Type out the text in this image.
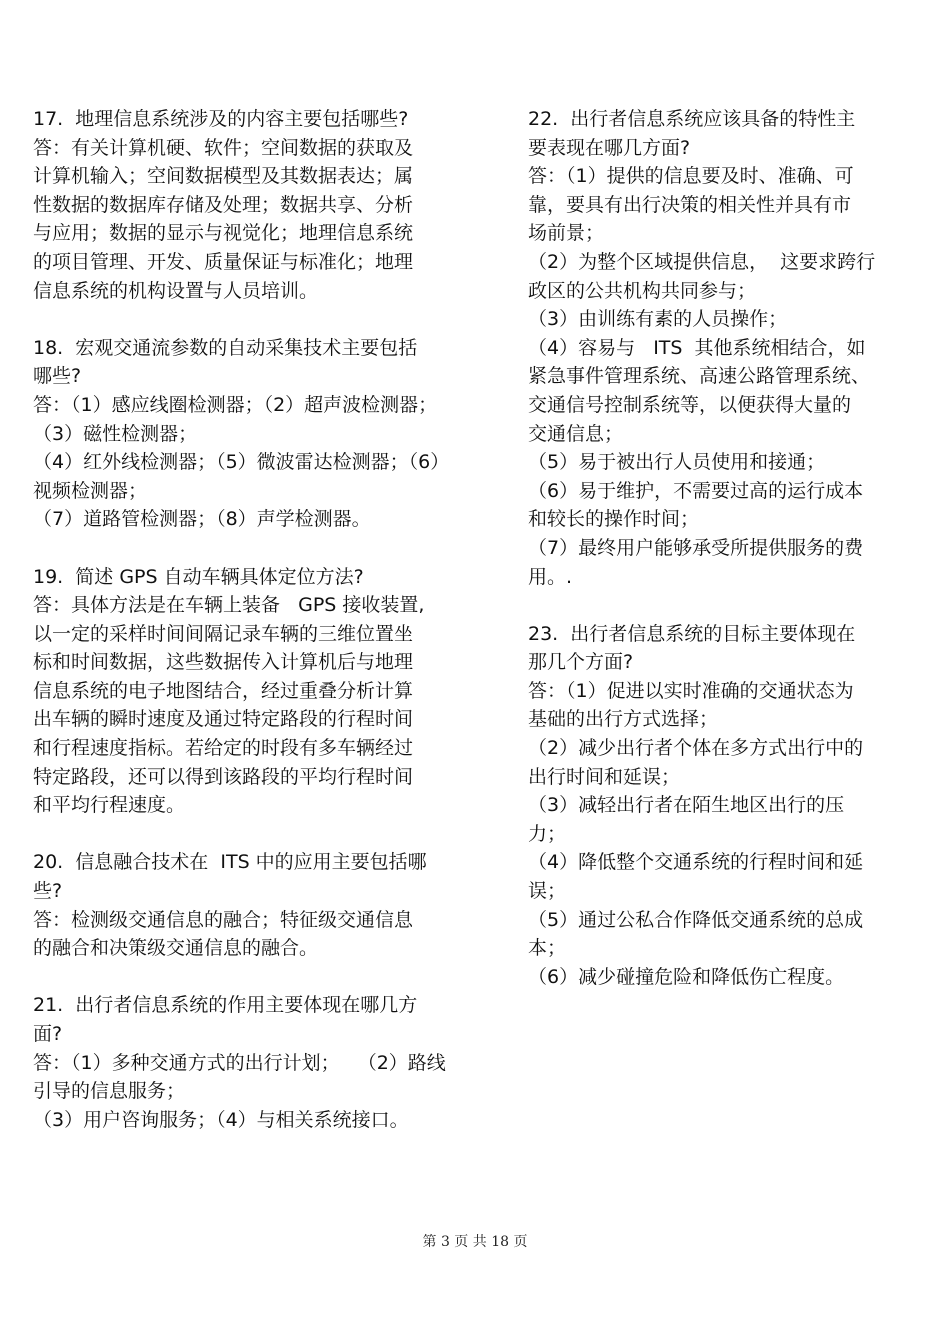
17.  地理信息系统涉及的内容主要包括哪些?
答：有关计算机硬、软件；空间数据的获取及
计算机输入；空间数据模型及其数据表达；属
性数据的数据库存储及处理；数据共享、分析
与应用；数据的显示与视觉化；地理信息系统
的项目管理、开发、质量保证与标准化；地理
信息系统的机构设置与人员培训。
18.  宏观交通流参数的自动采集技术主要包括
哪些?
答：（1）感应线圈检测器；（2）超声波检测器；
（3）磁性检测器；
（4）红外线检测器；（5）微波雷达检测器；（6）
视频检测器；
（7）道路管检测器；（8）声学检测器。
19.  简述 GPS 自动车辆具体定位方法?
答：具体方法是在车辆上装备   GPS 接收装置,
以一定的采样时间间隔记录车辆的三维位置坐
标和时间数据，这些数据传入计算机后与地理
信息系统的电子地图结合，经过重叠分析计算
出车辆的瞬时速度及通过特定路段的行程时间
和行程速度指标。若给定的时段有多车辆经过
特定路段，还可以得到该路段的平均行程时间
和平均行程速度。
20.  信息融合技术在  ITS 中的应用主要包括哪
些?
答：检测级交通信息的融合；特征级交通信息
的融合和决策级交通信息的融合。
21.  出行者信息系统的作用主要体现在哪几方
面?
答：（1）多种交通方式的出行计划；   （2）路线
引导的信息服务；
（3）用户咨询服务；（4）与相关系统接口。
22.  出行者信息系统应该具备的特性主
要表现在哪几方面?
答：（1）提供的信息要及时、准确、可
靠，要具有出行决策的相关性并具有市
场前景；
（2）为整个区域提供信息，  这要求跨行
政区的公共机构共同参与；
（3）由训练有素的人员操作；
（4）容易与   ITS  其他系统相结合，如
紧急事件管理系统、高速公路管理系统、
交通信号控制系统等，以便获得大量的
交通信息；
（5）易于被出行人员使用和接通；
（6）易于维护，不需要过高的运行成本
和较长的操作时间；
（7）最终用户能够承受所提供服务的费
用。.
23.  出行者信息系统的目标主要体现在
那几个方面?
答：（1）促进以实时准确的交通状态为
基础的出行方式选择；
（2）减少出行者个体在多方式出行中的
出行时间和延误；
（3）减轻出行者在陌生地区出行的压
力；
（4）降低整个交通系统的行程时间和延
误；
（5）通过公私合作降低交通系统的总成
本；
（6）减少碰撞危险和降低伤亡程度。
第 3 页 共 18 页
